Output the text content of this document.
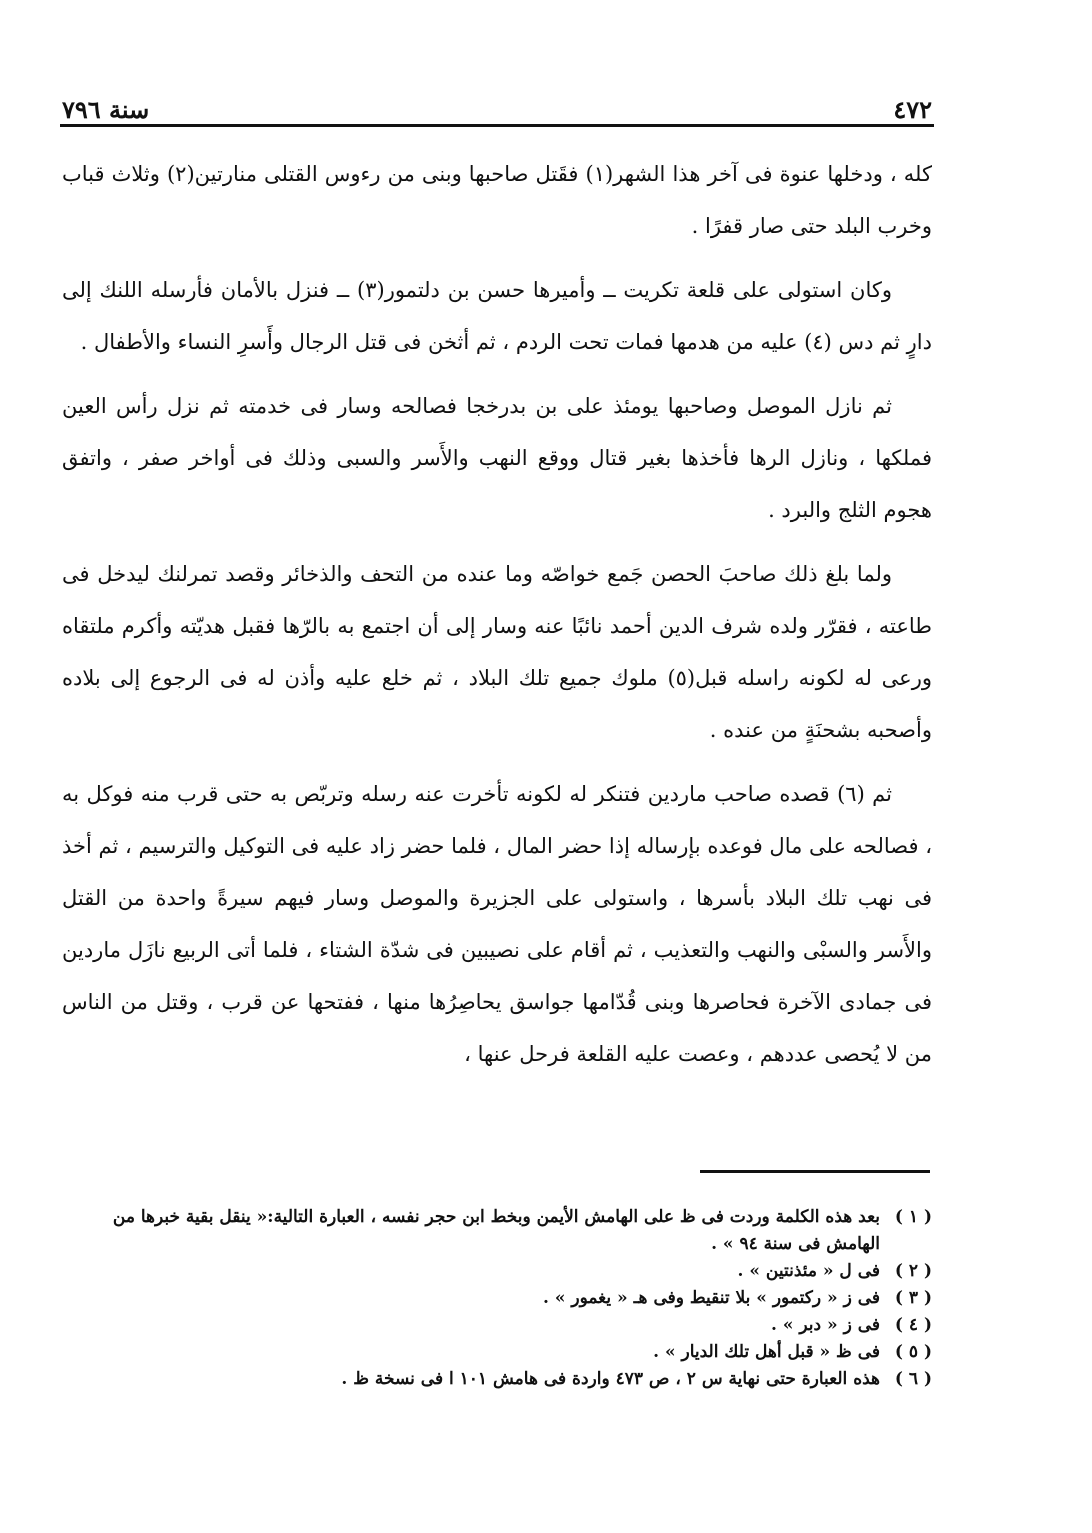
٤٧٢
سنة ٧٩٦

كله ، ودخلها عنوة فى آخر هذا الشهر(١) فقَتل صاحبها وبنى من رءوس القتلى منارتين(٢) وثلاث قباب وخرب البلد حتى صار قفرًا .

وكان استولى على قلعة تكريت ــ وأميرها حسن بن دلتمور(٣) ــ فنزل بالأمان فأرسله اللنك إلى دارٍ ثم دس (٤) عليه من هدمها فمات تحت الردم ، ثم أثخن فى قتل الرجال وأَسرِ النساء والأطفال .

ثم نازل الموصل وصاحبها يومئذ على بن بدرخجا فصالحه وسار فى خدمته ثم نزل رأس العين فملكها ، ونازل الرها فأخذها بغير قتال ووقع النهب والأَسر والسبى وذلك فى أواخر صفر ، واتفق هجوم الثلج والبرد .

ولما بلغ ذلك صاحبَ الحصن جَمع خواصّه وما عنده من التحف والذخائر وقصد تمرلنك ليدخل فى طاعته ، فقرّر ولده شرف الدين أحمد نائبًا عنه وسار إلى أن اجتمع به بالرّها فقبل هديّته وأكرم ملتقاه ورعى له لكونه راسله قبل(٥) ملوك جميع تلك البلاد ، ثم خلع عليه وأذن له فى الرجوع إلى بلاده وأصحبه بشحنَةٍ من عنده .

ثم (٦) قصده صاحب ماردين فتنكر له لكونه تأخرت عنه رسله وتربّص به حتى قرب منه فوكل به ، فصالحه على مال فوعده بإرساله إذا حضر المال ، فلما حضر زاد عليه فى التوكيل والترسيم ، ثم أخذ فى نهب تلك البلاد بأسرها ، واستولى على الجزيرة والموصل وسار فيهم سيرةً واحدة من القتل والأَسر والسبْى والنهب والتعذيب ، ثم أقام على نصيبين فى شدّة الشتاء ، فلما أتى الربيع نازَل ماردين فى جمادى الآخرة فحاصرها وبنى قُدّامها جواسق يحاصِرُها منها ، ففتحها عن قرب ، وقتل من الناس من لا يُحصى عددهم ، وعصت عليه القلعة فرحل عنها ،

( ١ )
بعد هذه الكلمة وردت فى ظ على الهامش الأيمن وبخط ابن حجر نفسه ، العبارة التالية:« ينقل بقية خبرها من الهامش فى سنة ٩٤ » .
( ٢ )
فى ل « مئذنتين » .
( ٣ )
فى ز « ركتمور » بلا تنقيط وفى هـ « يغمور » .
( ٤ )
فى ز « دبر » .
( ٥ )
فى ظ « قبل أهل تلك الديار » .
( ٦ )
هذه العبارة حتى نهاية س ٢ ، ص ٤٧٣ واردة فى هامش ١٠١ ا فى نسخة ظ .
